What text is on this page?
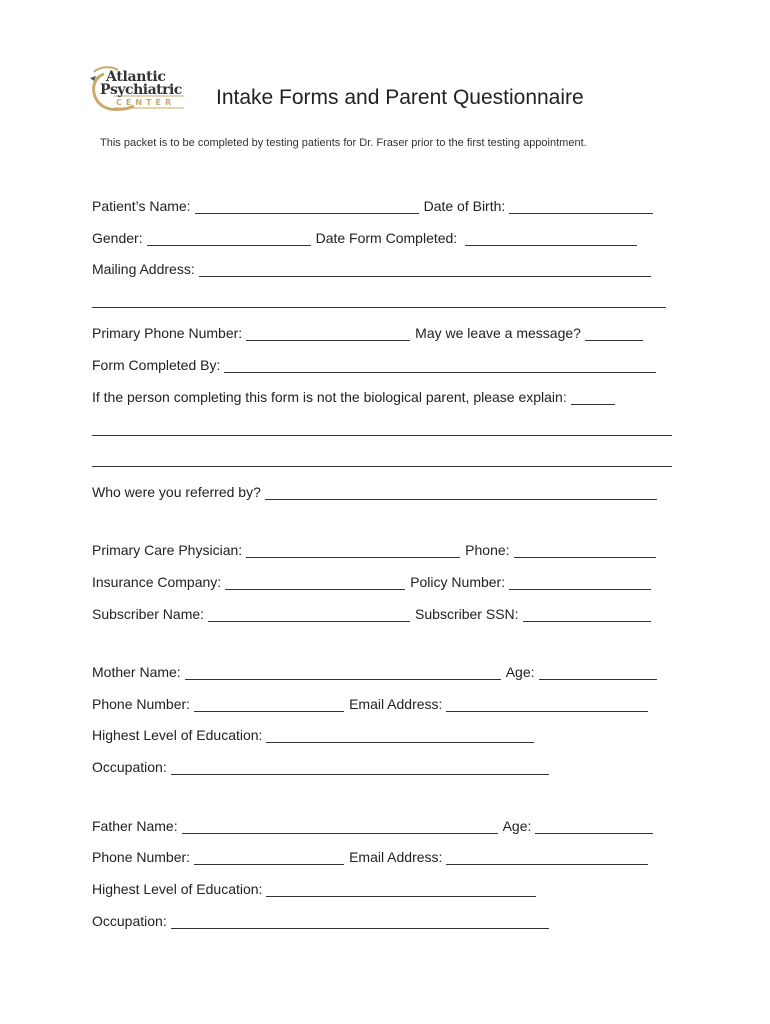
Atlantic
Psychiatric
CENTER Intake Forms and Parent Questionnaire
This packet is to be completed by testing patients for Dr. Fraser prior to the first testing appointment.
Patient’s Name:	Date of Birth:
Gender:	Date Form Completed:
Mailing Address:
Primary Phone Number:	May we leave a message?
Form Completed By:
If the person completing this form is not the biological parent, please explain:
Who were you referred by?
Primary Care Physician:	Phone:
Insurance Company:	Policy Number:
Subscriber Name:	Subscriber SSN:
Mother Name:	Age:
Phone Number:	Email Address:
Highest Level of Education:
Occupation:
Father Name:	Age:
Phone Number:	Email Address:
Highest Level of Education:
Occupation:
